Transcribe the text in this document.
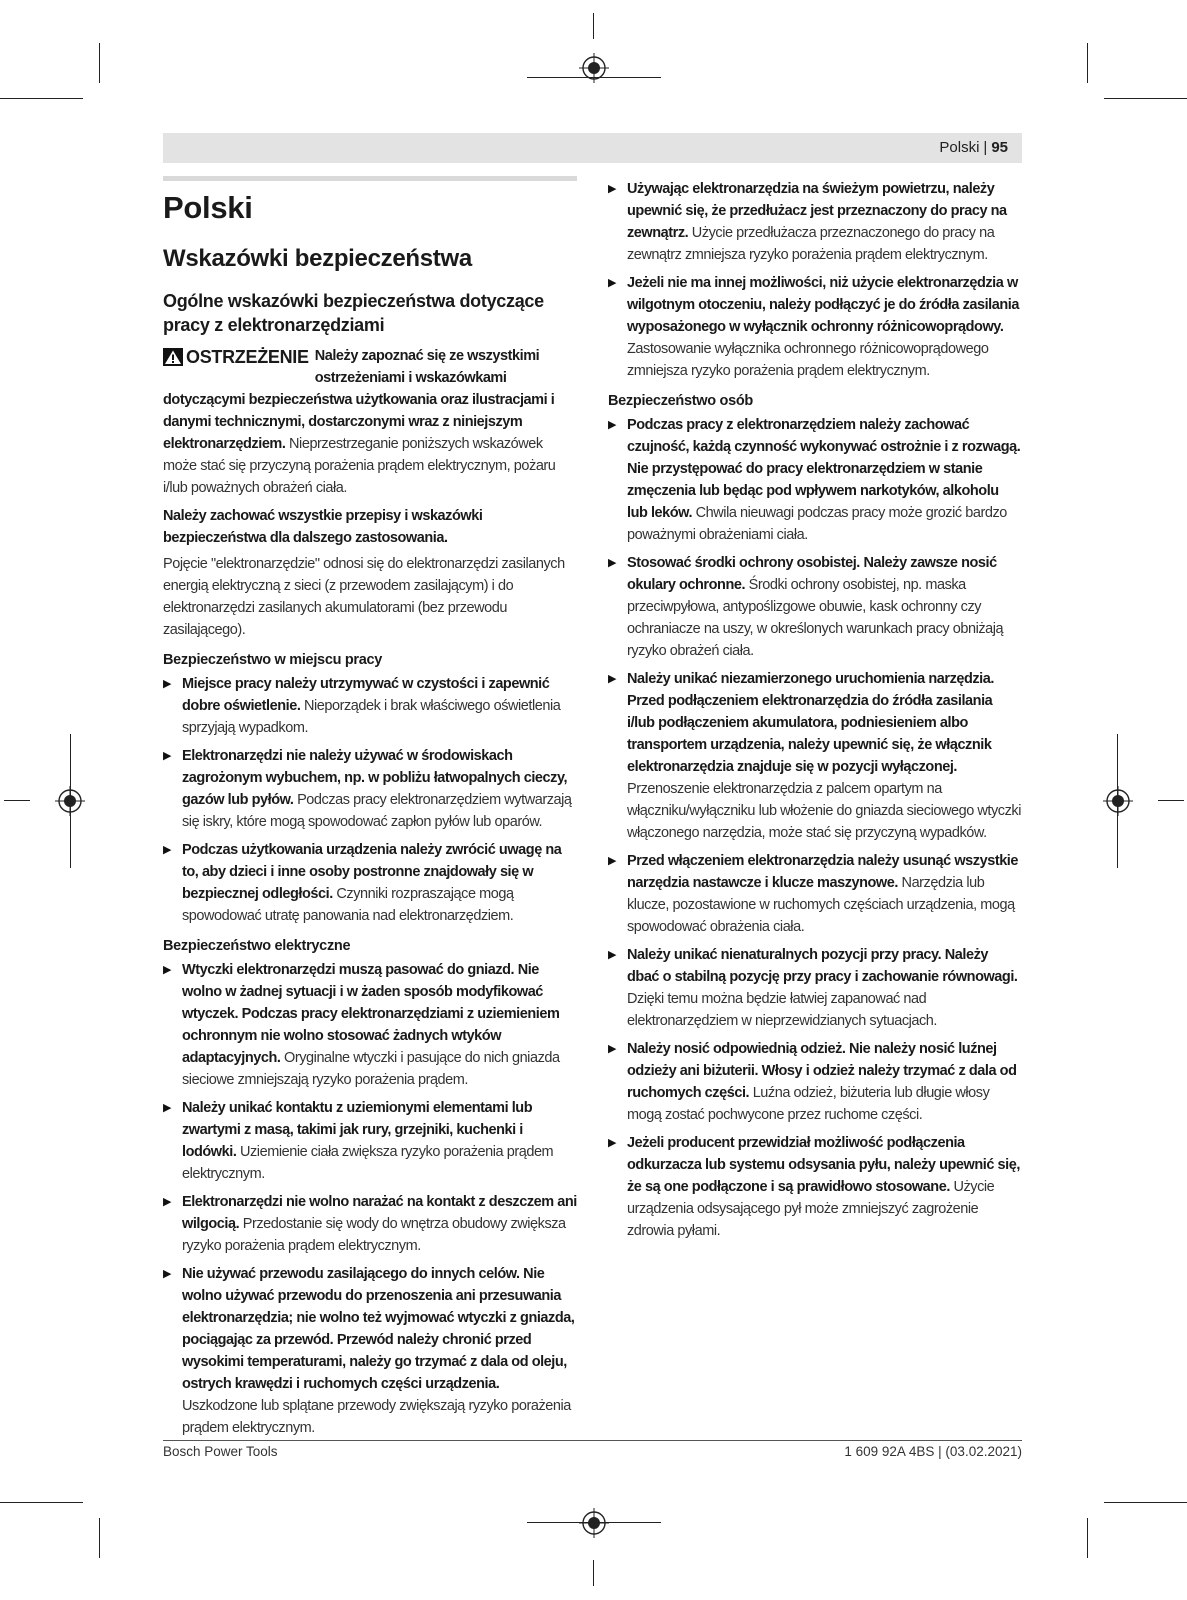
Polski | 95
Polski
Wskazówki bezpieczeństwa
Ogólne wskazówki bezpieczeństwa dotyczące pracy z elektronarzędziami

OSTRZEŻENIE Należy zapoznać się ze wszystkimi ostrzeżeniami i wskazówkami dotyczącymi bezpieczeństwa użytkowania oraz ilustracjami i danymi technicznymi, dostarczonymi wraz z niniejszym elektronarzędziem. Nieprzestrzeganie poniższych wskazówek może stać się przyczyną porażenia prądem elektrycznym, pożaru i/lub poważnych obrażeń ciała.

Należy zachować wszystkie przepisy i wskazówki bezpieczeństwa dla dalszego zastosowania.

Pojęcie "elektronarzędzie" odnosi się do elektronarzędzi zasilanych energią elektryczną z sieci (z przewodem zasilającym) i do elektronarzędzi zasilanych akumulatorami (bez przewodu zasilającego).

Bezpieczeństwo w miejscu pracy
▶ Miejsce pracy należy utrzymywać w czystości i zapewnić dobre oświetlenie. Nieporządek i brak właściwego oświetlenia sprzyjają wypadkom.
▶ Elektronarzędzi nie należy używać w środowiskach zagrożonym wybuchem, np. w pobliżu łatwopalnych cieczy, gazów lub pyłów. Podczas pracy elektronarzędziem wytwarzają się iskry, które mogą spowodować zapłon pyłów lub oparów.
▶ Podczas użytkowania urządzenia należy zwrócić uwagę na to, aby dzieci i inne osoby postronne znajdowały się w bezpiecznej odległości. Czynniki rozpraszające mogą spowodować utratę panowania nad elektronarzędziem.
Bezpieczeństwo elektryczne
▶ Wtyczki elektronarzędzi muszą pasować do gniazd. Nie wolno w żadnej sytuacji i w żaden sposób modyfikować wtyczek. Podczas pracy elektronarzędziami z uziemieniem ochronnym nie wolno stosować żadnych wtyków adaptacyjnych. Oryginalne wtyczki i pasujące do nich gniazda sieciowe zmniejszają ryzyko porażenia prądem.
▶ Należy unikać kontaktu z uziemionymi elementami lub zwartymi z masą, takimi jak rury, grzejniki, kuchenki i lodówki. Uziemienie ciała zwiększa ryzyko porażenia prądem elektrycznym.
▶ Elektronarzędzi nie wolno narażać na kontakt z deszczem ani wilgocią. Przedostanie się wody do wnętrza obudowy zwiększa ryzyko porażenia prądem elektrycznym.
▶ Nie używać przewodu zasilającego do innych celów. Nie wolno używać przewodu do przenoszenia ani przesuwania elektronarzędzia; nie wolno też wyjmować wtyczki z gniazda, pociągając za przewód. Przewód należy chronić przed wysokimi temperaturami, należy go trzymać z dala od oleju, ostrych krawędzi i ruchomych części urządzenia. Uszkodzone lub splątane przewody zwiększają ryzyko porażenia prądem elektrycznym.
▶ Używając elektronarzędzia na świeżym powietrzu, należy upewnić się, że przedłużacz jest przeznaczony do pracy na zewnątrz. Użycie przedłużacza przeznaczonego do pracy na zewnątrz zmniejsza ryzyko porażenia prądem elektrycznym.
▶ Jeżeli nie ma innej możliwości, niż użycie elektronarzędzia w wilgotnym otoczeniu, należy podłączyć je do źródła zasilania wyposażonego w wyłącznik ochronny różnicowoprądowy. Zastosowanie wyłącznika ochronnego różnicowoprądowego zmniejsza ryzyko porażenia prądem elektrycznym.
Bezpieczeństwo osób
▶ Podczas pracy z elektronarzędziem należy zachować czujność, każdą czynność wykonywać ostrożnie i z rozwagą. Nie przystępować do pracy elektronarzędziem w stanie zmęczenia lub będąc pod wpływem narkotyków, alkoholu lub leków. Chwila nieuwagi podczas pracy może grozić bardzo poważnymi obrażeniami ciała.
▶ Stosować środki ochrony osobistej. Należy zawsze nosić okulary ochronne. Środki ochrony osobistej, np. maska przeciwpyłowa, antypoślizgowe obuwie, kask ochronny czy ochraniacze na uszy, w określonych warunkach pracy obniżają ryzyko obrażeń ciała.
▶ Należy unikać niezamierzonego uruchomienia narzędzia. Przed podłączeniem elektronarzędzia do źródła zasilania i/lub podłączeniem akumulatora, podniesieniem albo transportem urządzenia, należy upewnić się, że włącznik elektronarzędzia znajduje się w pozycji wyłączonej. Przenoszenie elektronarzędzia z palcem opartym na włączniku/wyłączniku lub włożenie do gniazda sieciowego wtyczki włączonego narzędzia, może stać się przyczyną wypadków.
▶ Przed włączeniem elektronarzędzia należy usunąć wszystkie narzędzia nastawcze i klucze maszynowe. Narzędzia lub klucze, pozostawione w ruchomych częściach urządzenia, mogą spowodować obrażenia ciała.
▶ Należy unikać nienaturalnych pozycji przy pracy. Należy dbać o stabilną pozycję przy pracy i zachowanie równowagi. Dzięki temu można będzie łatwiej zapanować nad elektronarzędziem w nieprzewidzianych sytuacjach.
▶ Należy nosić odpowiednią odzież. Nie należy nosić luźnej odzieży ani biżuterii. Włosy i odzież należy trzymać z dala od ruchomych części. Luźna odzież, biżuteria lub długie włosy mogą zostać pochwycone przez ruchome części.
▶ Jeżeli producent przewidział możliwość podłączenia odkurzacza lub systemu odsysania pyłu, należy upewnić się, że są one podłączone i są prawidłowo stosowane. Użycie urządzenia odsysającego pył może zmniejszyć zagrożenie zdrowia pyłami.
Bosch Power Tools	1 609 92A 4BS | (03.02.2021)
